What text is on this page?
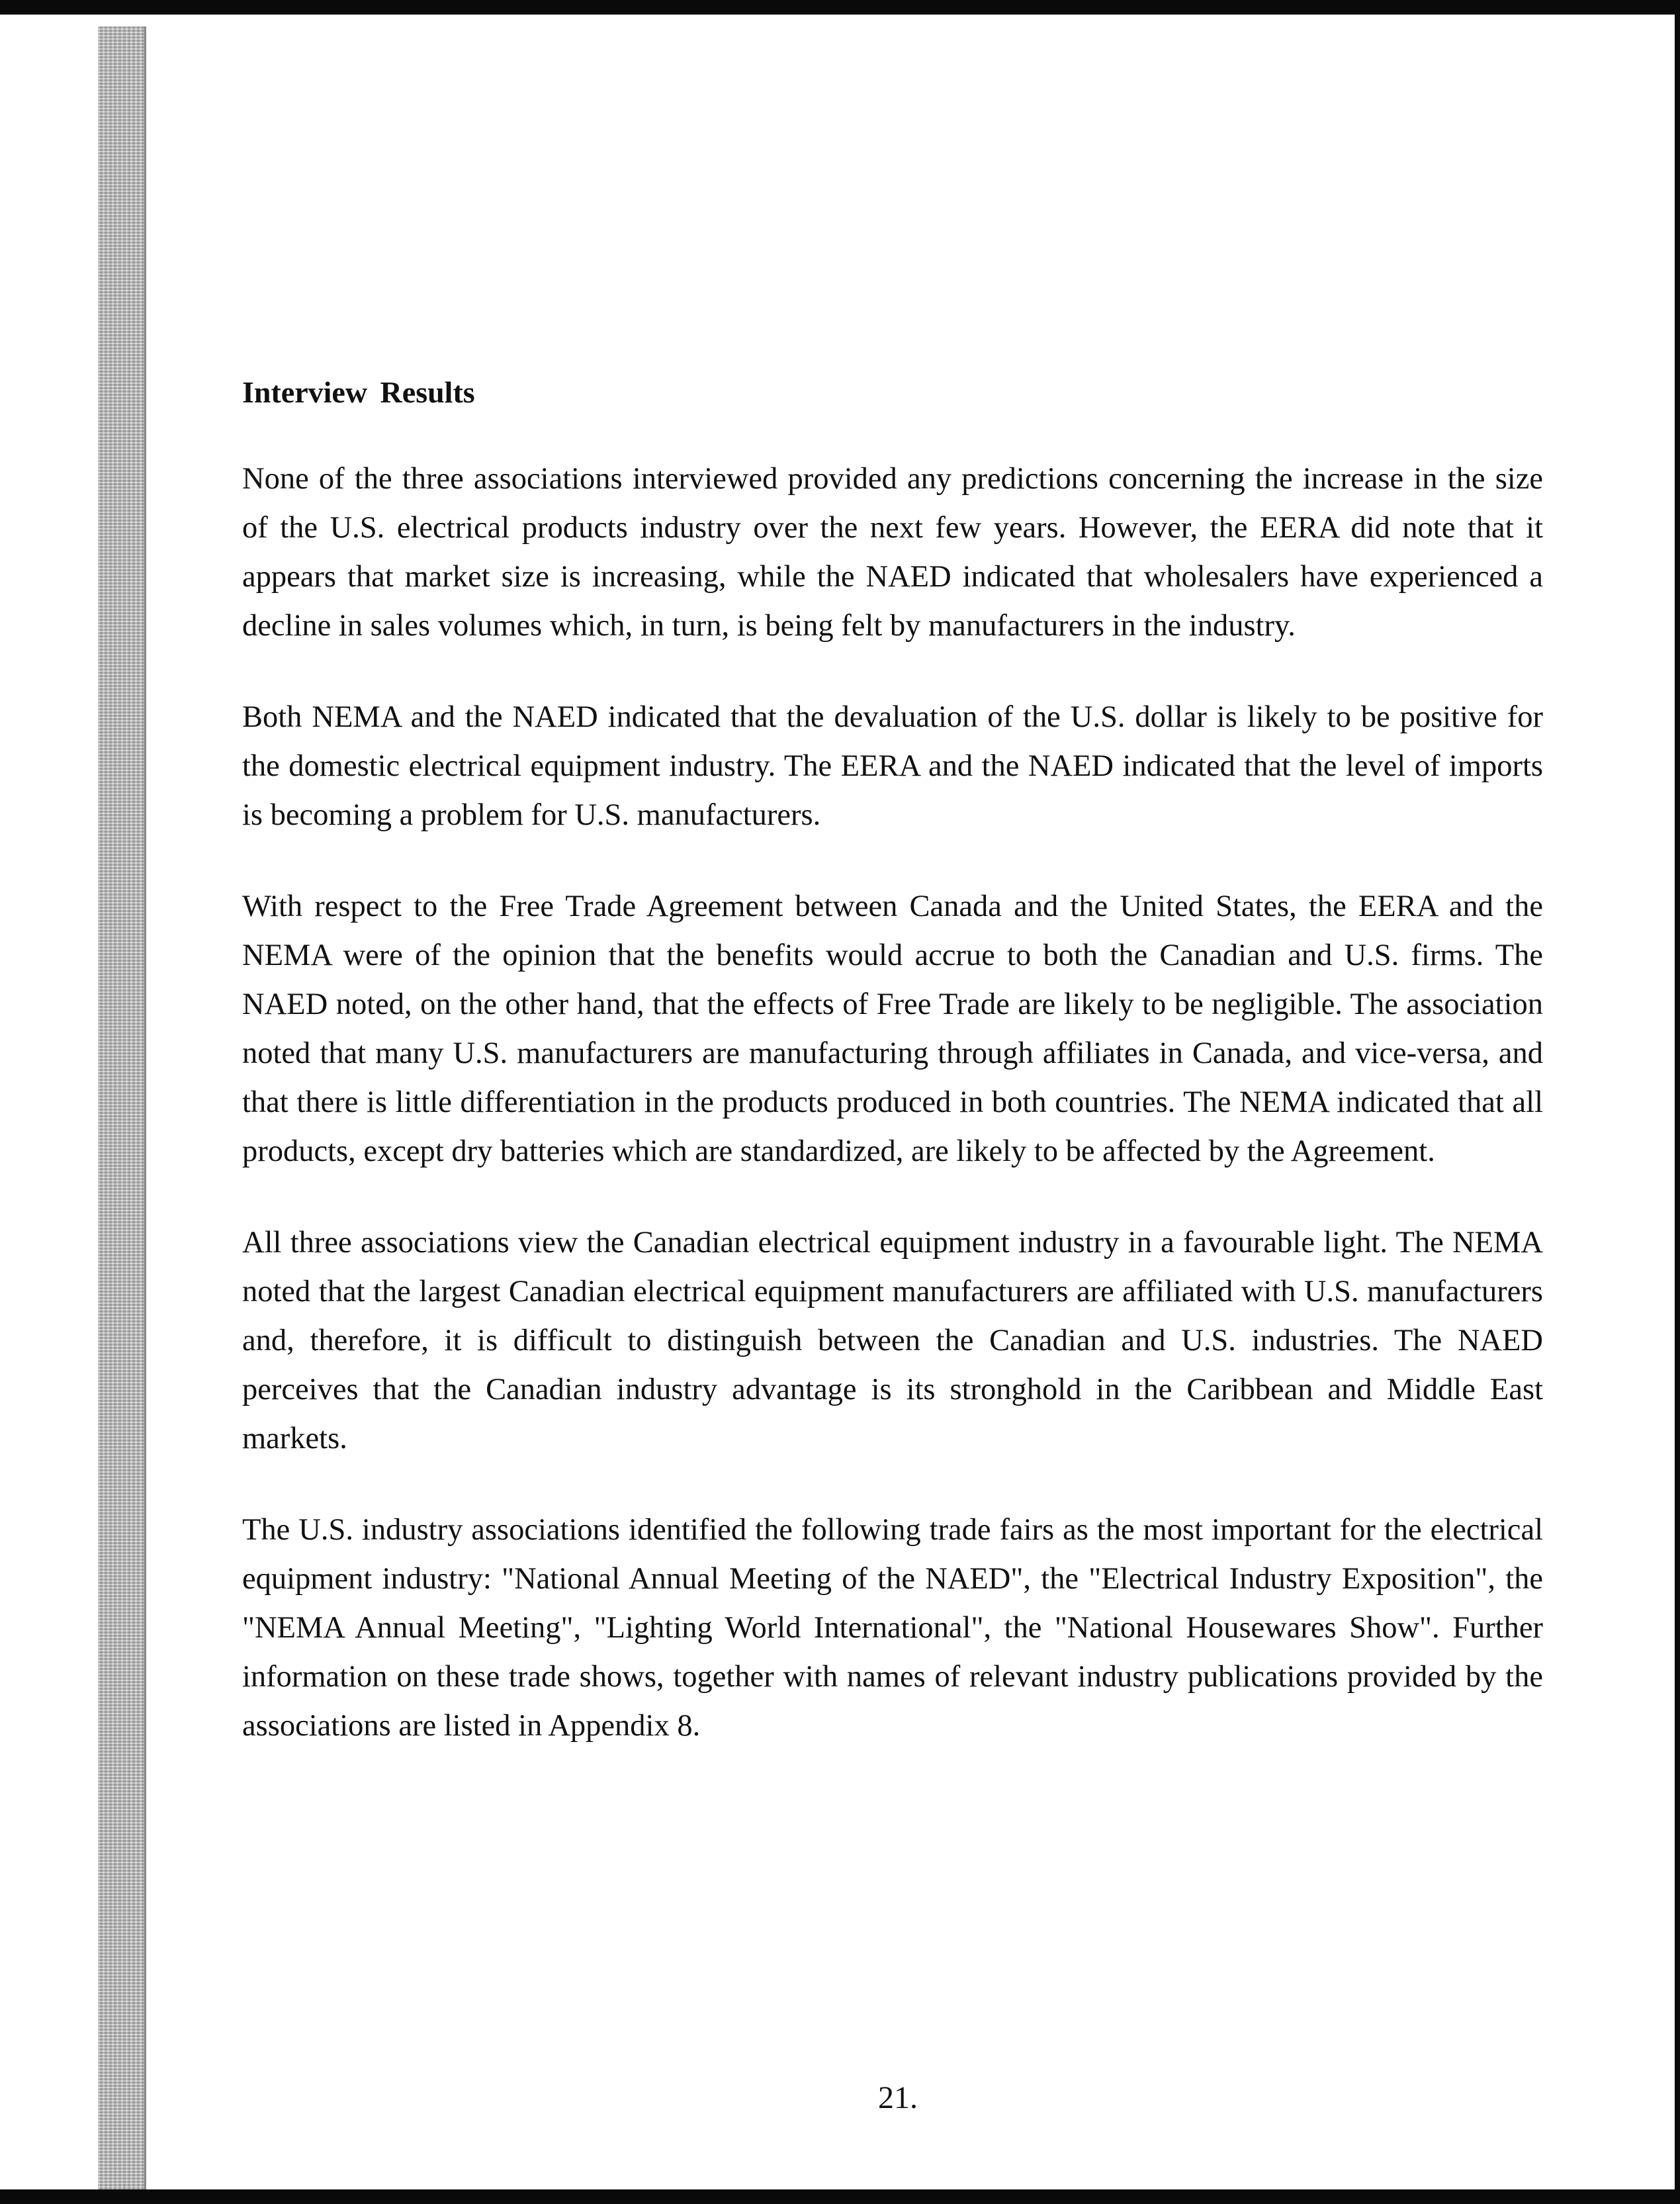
Interview Results

None of the three associations interviewed provided any predictions concerning the increase in the size of the U.S. electrical products industry over the next few years. However, the EERA did note that it appears that market size is increasing, while the NAED indicated that wholesalers have experienced a decline in sales volumes which, in turn, is being felt by manufacturers in the industry.

Both NEMA and the NAED indicated that the devaluation of the U.S. dollar is likely to be positive for the domestic electrical equipment industry. The EERA and the NAED indicated that the level of imports is becoming a problem for U.S. manufacturers.

With respect to the Free Trade Agreement between Canada and the United States, the EERA and the NEMA were of the opinion that the benefits would accrue to both the Canadian and U.S. firms. The NAED noted, on the other hand, that the effects of Free Trade are likely to be negligible. The association noted that many U.S. manufacturers are manufacturing through affiliates in Canada, and vice-versa, and that there is little differentiation in the products produced in both countries. The NEMA indicated that all products, except dry batteries which are standardized, are likely to be affected by the Agreement.

All three associations view the Canadian electrical equipment industry in a favourable light. The NEMA noted that the largest Canadian electrical equipment manufacturers are affiliated with U.S. manufacturers and, therefore, it is difficult to distinguish between the Canadian and U.S. industries. The NAED perceives that the Canadian industry advantage is its stronghold in the Caribbean and Middle East markets.

The U.S. industry associations identified the following trade fairs as the most important for the electrical equipment industry: "National Annual Meeting of the NAED", the "Electrical Industry Exposition", the "NEMA Annual Meeting", "Lighting World International", the "National Housewares Show". Further information on these trade shows, together with names of relevant industry publications provided by the associations are listed in Appendix 8.

21.
